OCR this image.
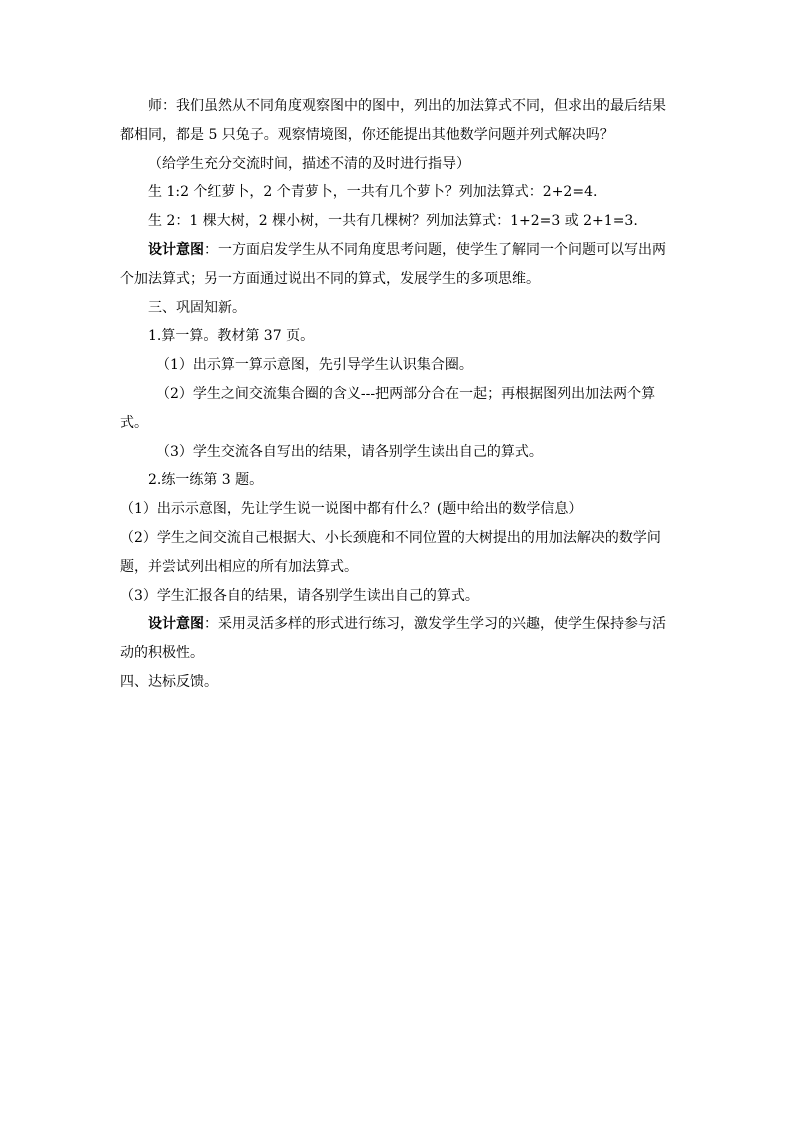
师：我们虽然从不同角度观察图中的图中，列出的加法算式不同，但求出的最后结果都相同，都是 5 只兔子。观察情境图，你还能提出其他数学问题并列式解决吗？

（给学生充分交流时间，描述不清的及时进行指导）

生 1:2 个红萝卜，2 个青萝卜，一共有几个萝卜？列加法算式：2+2=4.

生 2：1 棵大树，2 棵小树，一共有几棵树？列加法算式：1+2=3 或 2+1=3.

设计意图：一方面启发学生从不同角度思考问题，使学生了解同一个问题可以写出两个加法算式；另一方面通过说出不同的算式，发展学生的多项思维。

三、巩固知新。

1.算一算。教材第 37 页。

（1）出示算一算示意图，先引导学生认识集合圈。

（2）学生之间交流集合圈的含义---把两部分合在一起；再根据图列出加法两个算式。

（3）学生交流各自写出的结果，请各别学生读出自己的算式。

2.练一练第 3 题。

（1）出示示意图，先让学生说一说图中都有什么？(题中给出的数学信息）

（2）学生之间交流自己根据大、小长颈鹿和不同位置的大树提出的用加法解决的数学问题，并尝试列出相应的所有加法算式。

（3）学生汇报各自的结果，请各别学生读出自己的算式。

设计意图：采用灵活多样的形式进行练习，激发学生学习的兴趣，使学生保持参与活动的积极性。

四、达标反馈。
